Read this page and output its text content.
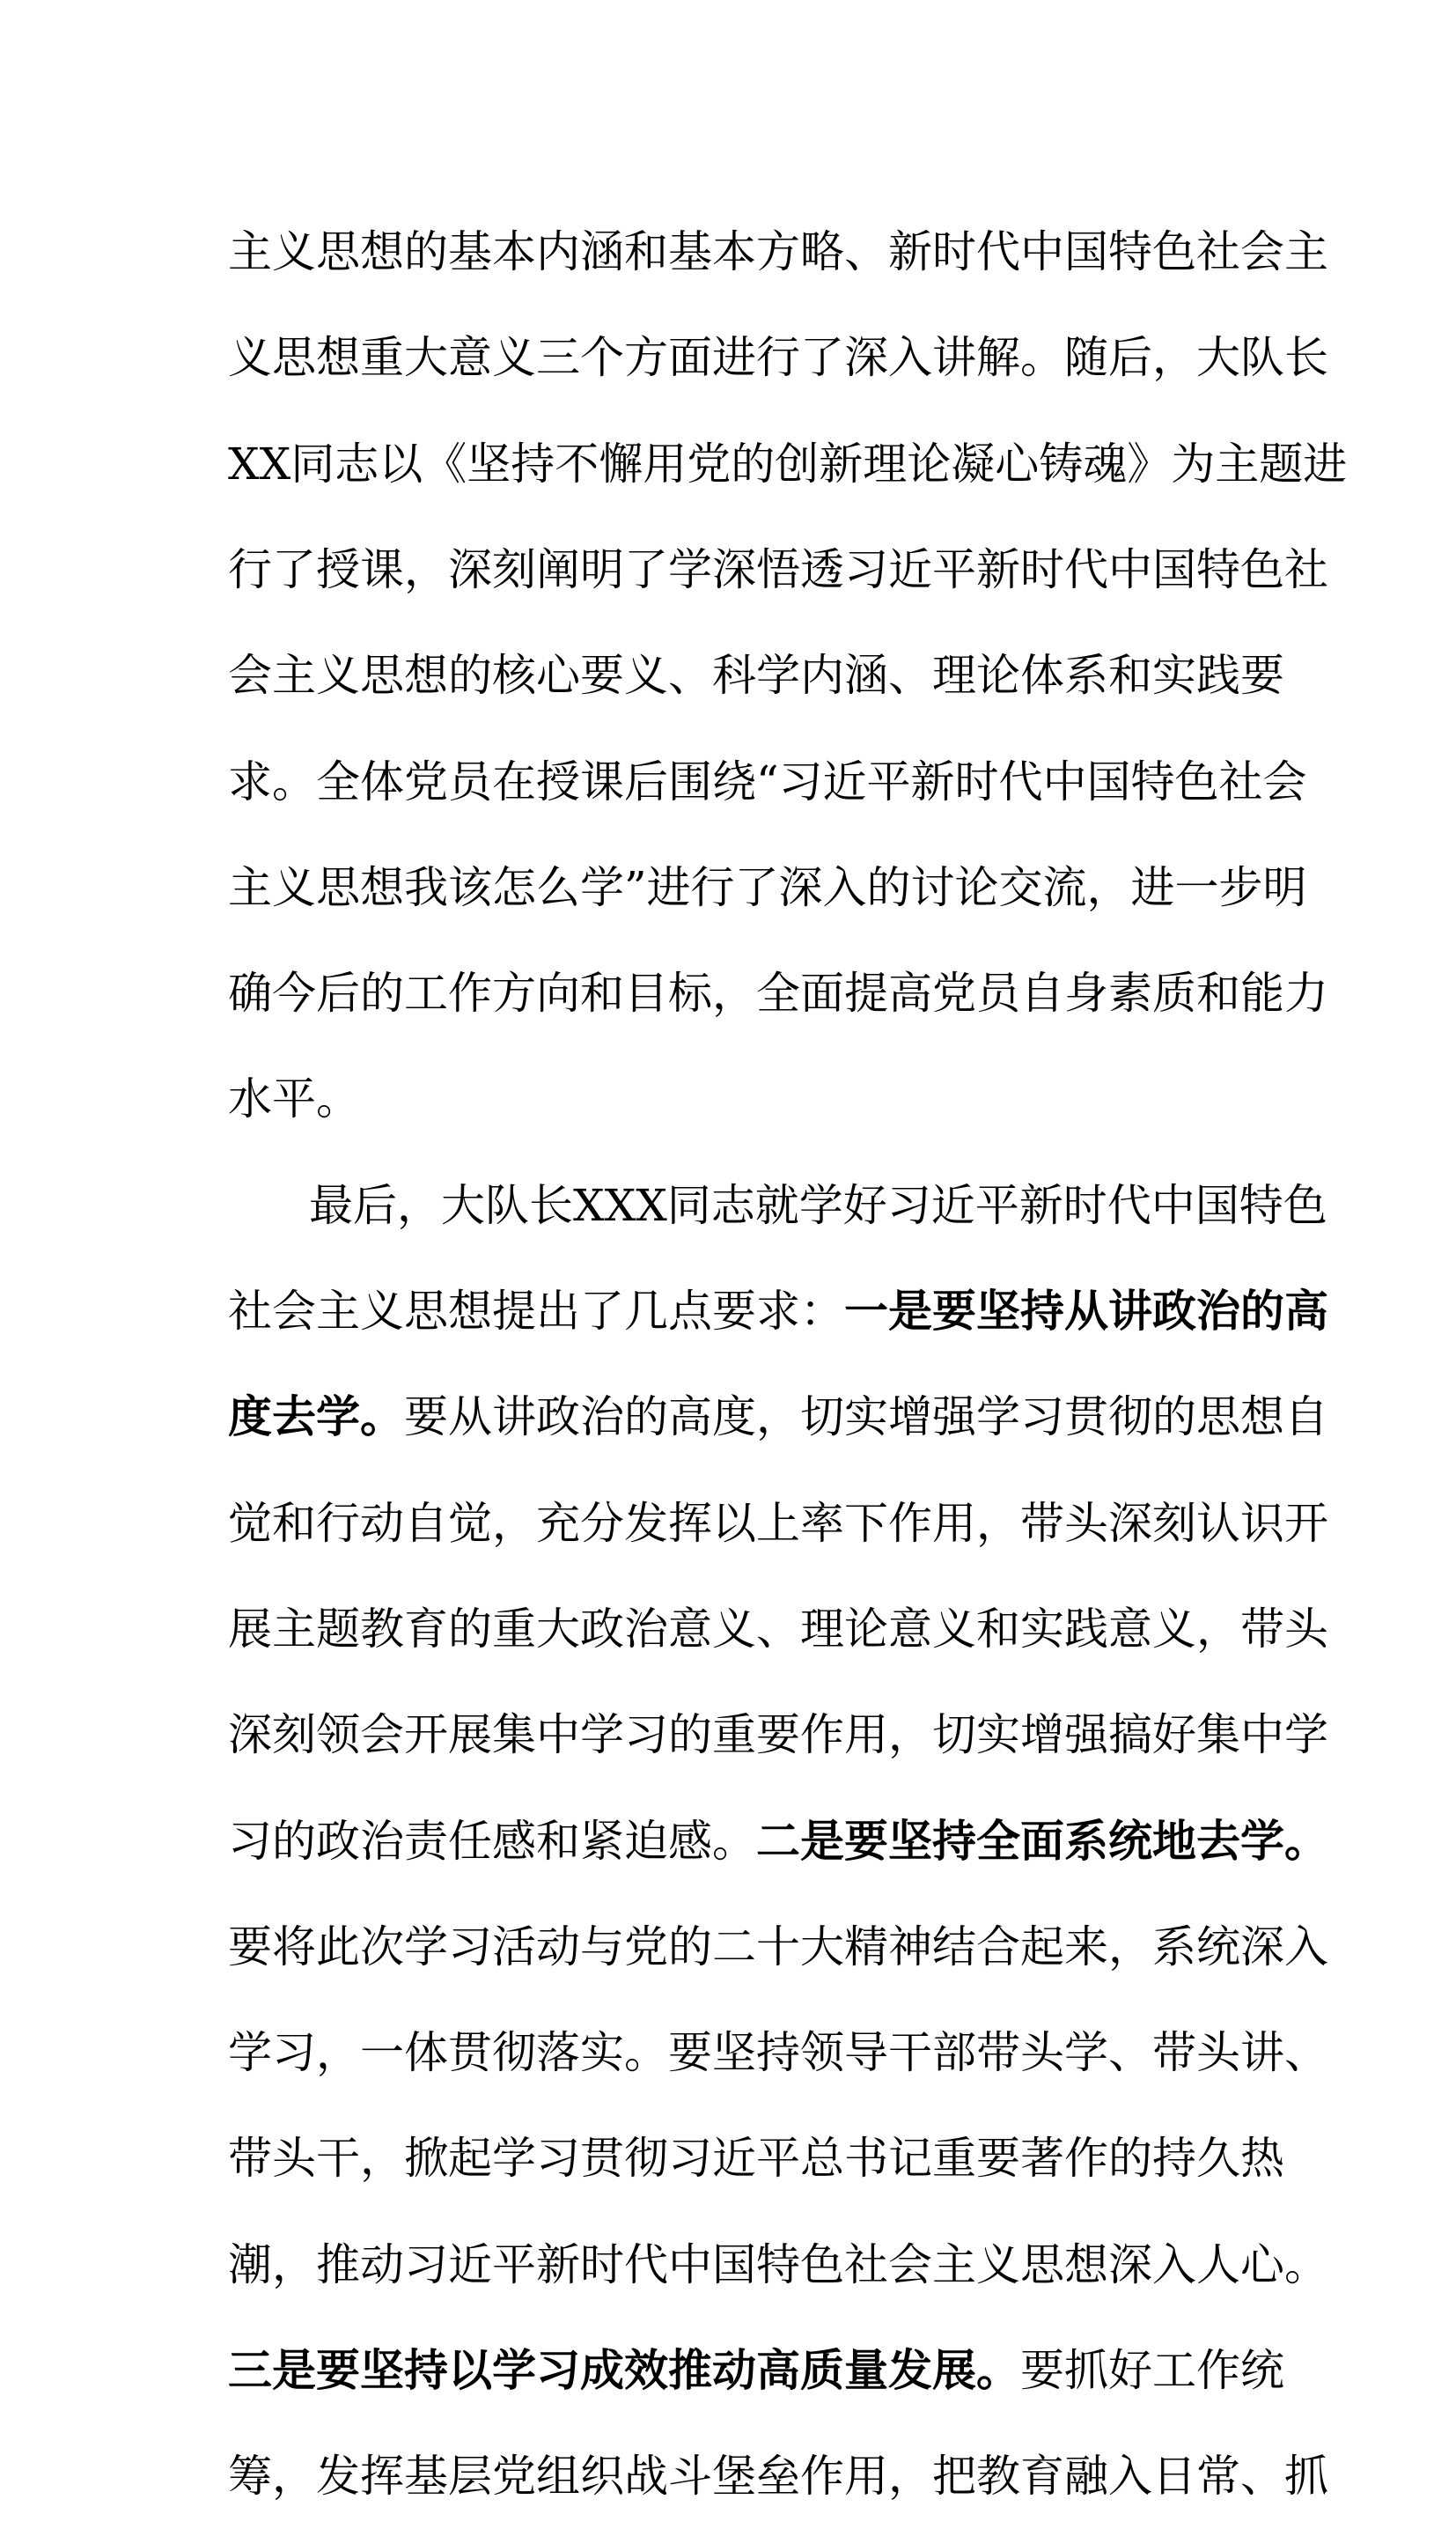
主义思想的基本内涵和基本方略、新时代中国特色社会主
义思想重大意义三个方面进行了深入讲解。随后，大队长
XX同志以《坚持不懈用党的创新理论凝心铸魂》为主题进
行了授课，深刻阐明了学深悟透习近平新时代中国特色社
会主义思想的核心要义、科学内涵、理论体系和实践要
求。全体党员在授课后围绕“习近平新时代中国特色社会
主义思想我该怎么学”进行了深入的讨论交流，进一步明
确今后的工作方向和目标，全面提高党员自身素质和能力
水平。
最后，大队长XXX同志就学好习近平新时代中国特色
社会主义思想提出了几点要求：一是要坚持从讲政治的高
度去学。要从讲政治的高度，切实增强学习贯彻的思想自
觉和行动自觉，充分发挥以上率下作用，带头深刻认识开
展主题教育的重大政治意义、理论意义和实践意义，带头
深刻领会开展集中学习的重要作用，切实增强搞好集中学
习的政治责任感和紧迫感。二是要坚持全面系统地去学。
要将此次学习活动与党的二十大精神结合起来，系统深入
学习，一体贯彻落实。要坚持领导干部带头学、带头讲、
带头干，掀起学习贯彻习近平总书记重要著作的持久热
潮，推动习近平新时代中国特色社会主义思想深入人心。
三是要坚持以学习成效推动高质量发展。要抓好工作统
筹，发挥基层党组织战斗堡垒作用，把教育融入日常、抓
